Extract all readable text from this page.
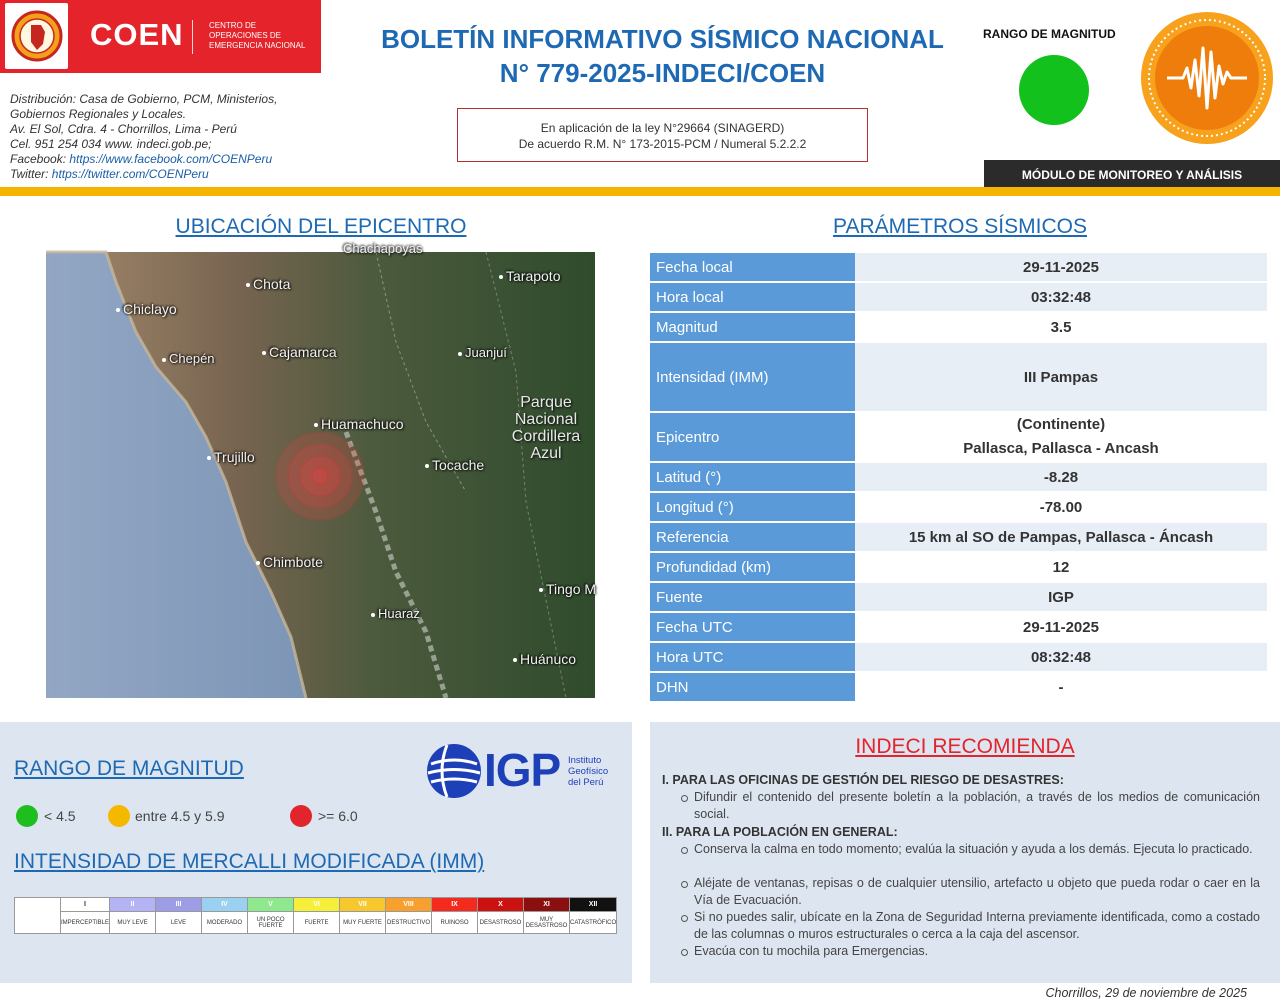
COEN	CENTRO DE
OPERACIONES DE
EMERGENCIA NACIONAL
Distribución: Casa de Gobierno, PCM, Ministerios,
Gobiernos Regionales y Locales.
Av. El Sol, Cdra. 4 - Chorrillos, Lima - Perú
Cel. 951 254 034 www. indeci.gob.pe;
Facebook: https://www.facebook.com/COENPeru
Twitter: https://twitter.com/COENPeru
BOLETÍN INFORMATIVO SÍSMICO NACIONAL
N° 779-2025-INDECI/COEN
En aplicación de la ley N°29664 (SINAGERD)
De acuerdo R.M. N° 173-2015-PCM / Numeral 5.2.2.2
RANGO DE MAGNITUD
MÓDULO DE MONITOREO Y ANÁLISIS
UBICACIÓN DEL EPICENTRO	PARÁMETROS SÍSMICOS
Chachapoyas
Chota	Tarapoto
Chiclayo
Chepén	Cajamarca	Juanjuí
Huamachuco
Trujillo	Tocache
Chimbote
Tingo M
Huaraz
Huánuco
Parque
Nacional
Cordillera
Azul
Fecha local	29-11-2025
Hora local	03:32:48
Magnitud	3.5
Intensidad (IMM)	III Pampas
Epicentro	(Continente)
Pallasca, Pallasca - Ancash

Latitud (°)	-8.28
Longitud (°)	-78.00
Referencia	15 km al SO de Pampas, Pallasca - Áncash
Profundidad (km)	12
Fuente	IGP
Fecha UTC	29-11-2025
Hora UTC	08:32:48
DHN	-
RANGO DE MAGNITUD
< 4.5	entre 4.5 y 5.9	>= 6.0
INTENSIDAD DE MERCALLI MODIFICADA (IMM)
IGP Instituto
Geofísico
del Perú
GRADO	I	II	III	IV	V	VI	VII	VIII	IX	X	XI	XII
	IMPERCEPTIBLE	MUY LEVE	LEVE	MODERADO	UN POCO FUERTE	FUERTE	MUY FUERTE	DESTRUCTIVO	RUINOSO	DESASTROSO	MUY DESASTROSO	CATASTRÓFICO
INDECI RECOMIENDA
I. PARA LAS OFICINAS DE GESTIÓN DEL RIESGO DE DESASTRES:
Difundir el contenido del presente boletín a la población, a través de los medios de comunicación social.
II. PARA LA POBLACIÓN EN GENERAL:
Conserva la calma en todo momento; evalúa la situación y ayuda a los demás. Ejecuta lo practicado.
Aléjate de ventanas, repisas o de cualquier utensilio, artefacto u objeto que pueda rodar o caer en la Vía de Evacuación.
Si no puedes salir, ubícate en la Zona de Seguridad Interna previamente identificada, como a costado de las columnas o muros estructurales o cerca a la caja del ascensor.
Evacúa con tu mochila para Emergencias.
Chorrillos, 29 de noviembre de 2025
